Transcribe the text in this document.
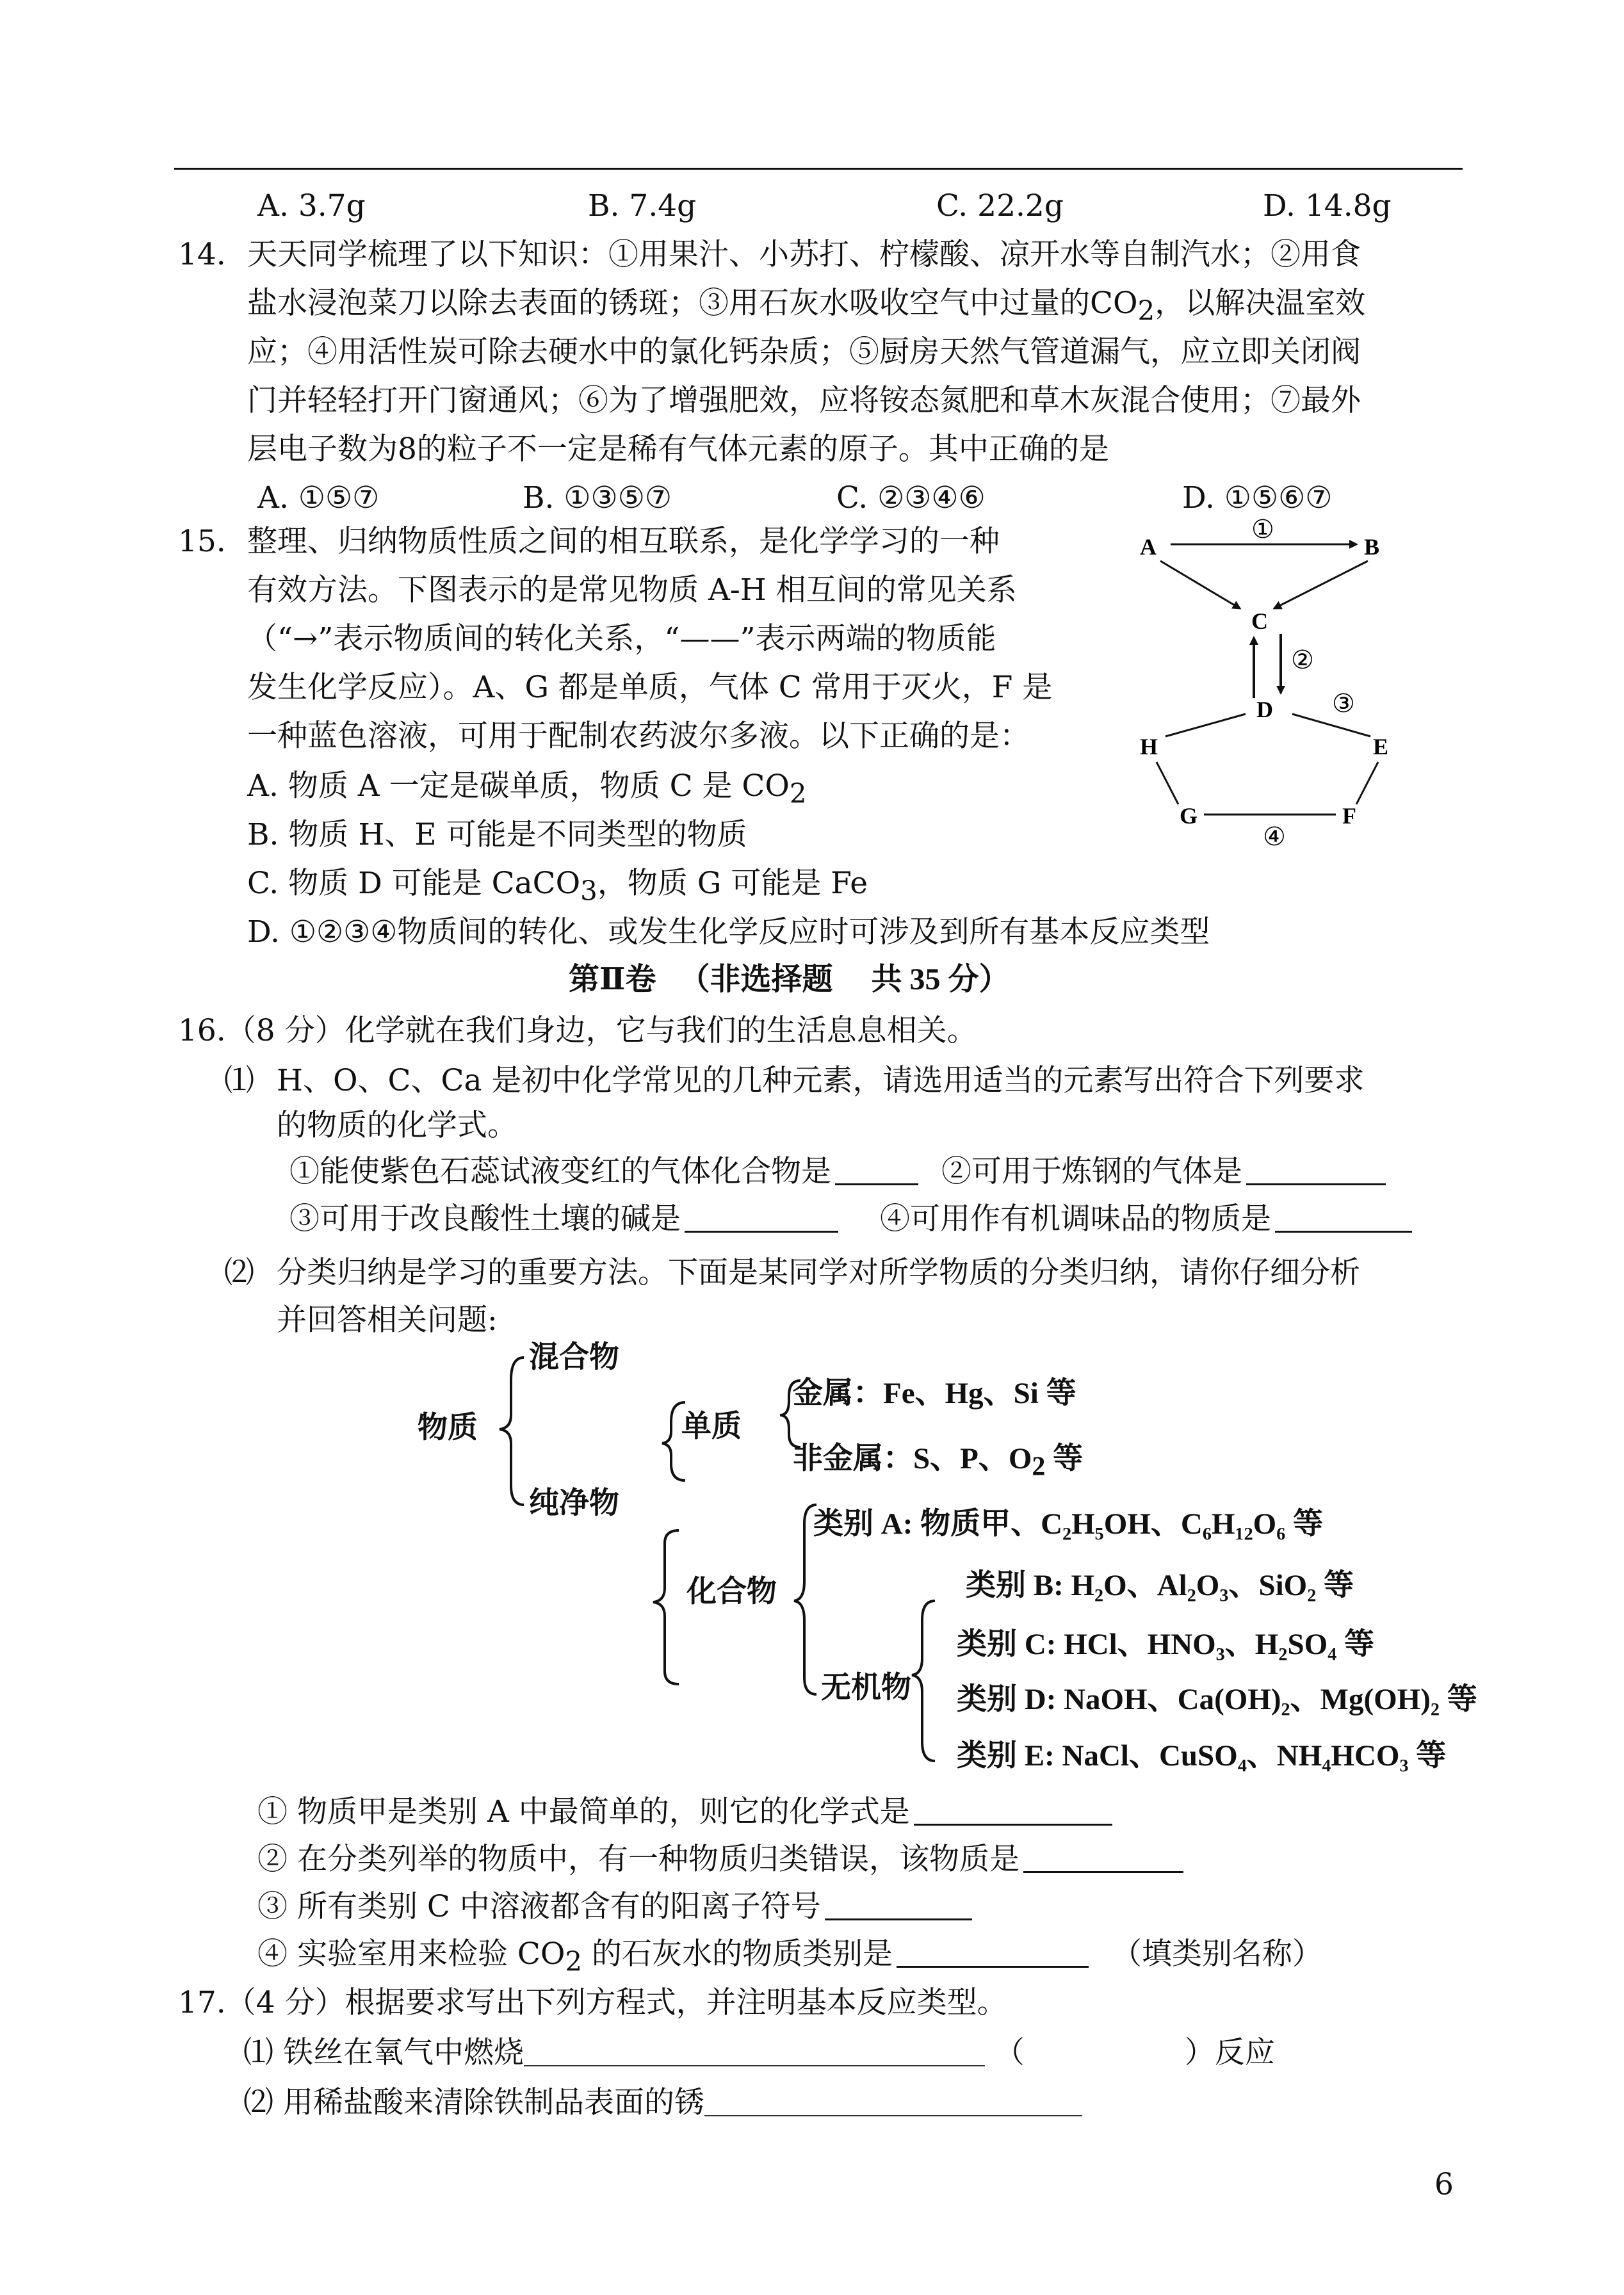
A. 3.7g	B. 7.4g	C. 22.2g	D. 14.8g
14. 天天同学梳理了以下知识：①用果汁、小苏打、柠檬酸、凉开水等自制汽水；②用食
盐水浸泡菜刀以除去表面的锈斑；③用石灰水吸收空气中过量的$CO_2$，以解决温室效
应；④用活性炭可除去硬水中的氯化钙杂质；⑤厨房天然气管道漏气，应立即关闭阀
门并轻轻打开门窗通风；⑥为了增强肥效，应将铵态氮肥和草木灰混合使用；⑦最外
层电子数为8的粒子不一定是稀有气体元素的原子。其中正确的是
A. ①⑤⑦	B. ①③⑤⑦	C. ②③④⑥	D. ①⑤⑥⑦
15. 整理、归纳物质性质之间的相互联系，是化学学习的一种
有效方法。下图表示的是常见物质 A-H 相互间的常见关系
（“→”表示物质间的转化关系，“——”表示两端的物质能
发生化学反应）。A、G 都是单质，气体 C 常用于灭火，F 是
一种蓝色溶液，可用于配制农药波尔多液。以下正确的是：
A. 物质 A 一定是碳单质，物质 C 是 $CO_2$
B. 物质 H、E 可能是不同类型的物质
C. 物质 D 可能是 CaCO$_3$，物质 G 可能是 Fe
D. ①②③④物质间的转化、或发生化学反应时可涉及到所有基本反应类型
A	B
C
D
E
F
G
H
①
②
③
④
第Ⅱ卷 （非选择题　 共 35 分）
16.（8 分）化学就在我们身边，它与我们的生活息息相关。
⑴ H、O、C、Ca 是初中化学常见的几种元素，请选用适当的元素写出符合下列要求
的物质的化学式。
①能使紫色石蕊试液变红的气体化合物是	②可用于炼钢的气体是
③可用于改良酸性土壤的碱是	④可用作有机调味品的物质是
⑵ 分类归纳是学习的重要方法。下面是某同学对所学物质的分类归纳，请你仔细分析
并回答相关问题:
物质
混合物
纯净物
单质
金属：Fe、Hg、Si 等
非金属：S、P、$O_2$ 等
化合物
类别 A: 物质甲、C₂H₅OH、C₆H₁₂O₆ 等
类别 B: H₂O、Al₂O₃、SiO₂ 等
无机物
类别 C: HCl、HNO₃、H₂SO₄ 等
类别 D: NaOH、Ca(OH)₂、Mg(OH)₂ 等
类别 E: NaCl、CuSO₄、NH₄HCO₃ 等
① 物质甲是类别 A 中最简单的，则它的化学式是
② 在分类列举的物质中，有一种物质归类错误，该物质是
③ 所有类别 C 中溶液都含有的阳离子符号
④ 实验室用来检验 $CO_2$ 的石灰水的物质类别是	（填类别名称）
17.（4 分）根据要求写出下列方程式，并注明基本反应类型。
⑴ 铁丝在氧气中燃烧	（	）反应
⑵ 用稀盐酸来清除铁制品表面的锈
6
